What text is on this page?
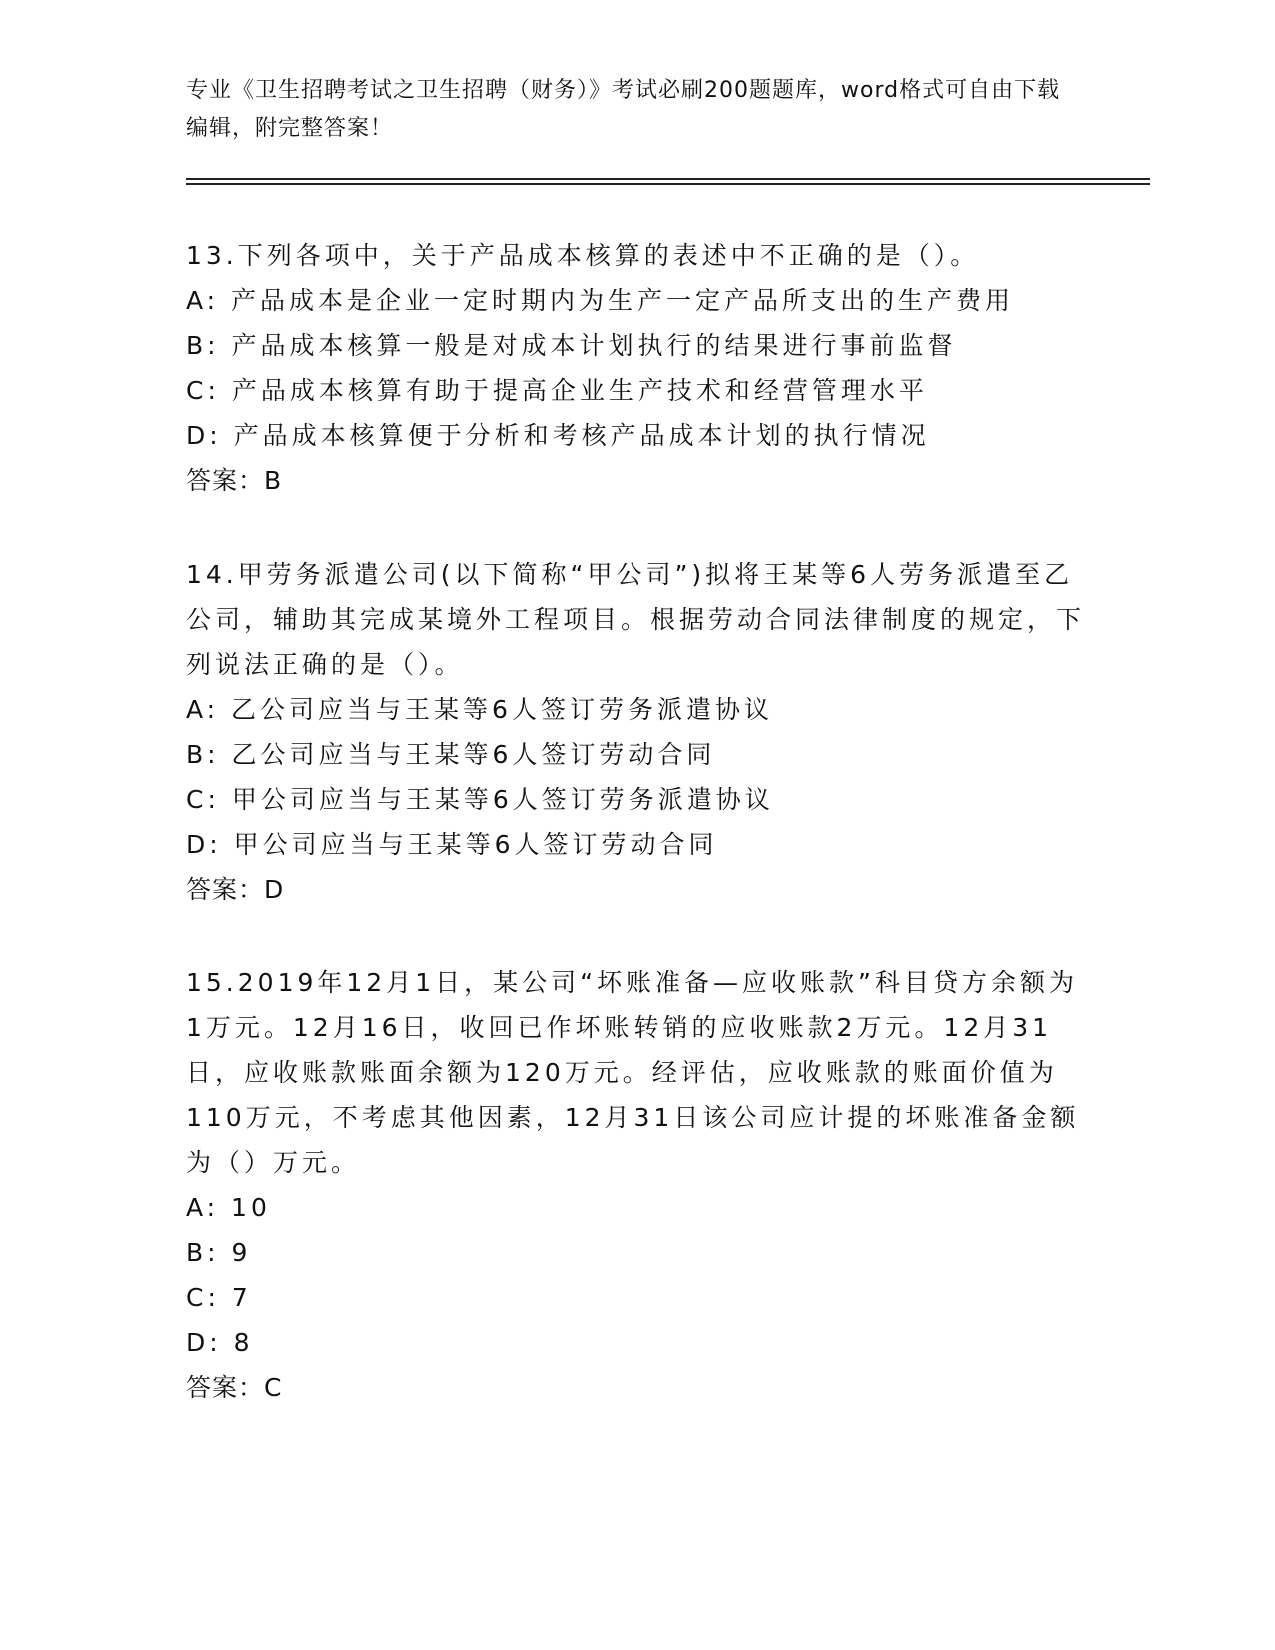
专业《卫生招聘考试之卫生招聘（财务）》考试必刷200题题库，word格式可自由下载编辑，附完整答案！
13.下列各项中，关于产品成本核算的表述中不正确的是（）。
A: 产品成本是企业一定时期内为生产一定产品所支出的生产费用
B: 产品成本核算一般是对成本计划执行的结果进行事前监督
C: 产品成本核算有助于提高企业生产技术和经营管理水平
D: 产品成本核算便于分析和考核产品成本计划的执行情况
答案：B
14.甲劳务派遣公司(以下简称“甲公司”)拟将王某等6人劳务派遣至乙公司，辅助其完成某境外工程项目。根据劳动合同法律制度的规定，下列说法正确的是（）。
A: 乙公司应当与王某等6人签订劳务派遣协议
B: 乙公司应当与王某等6人签订劳动合同
C: 甲公司应当与王某等6人签订劳务派遣协议
D: 甲公司应当与王某等6人签订劳动合同
答案：D
15.2019年12月1日，某公司“坏账准备—应收账款”科目贷方余额为1万元。12月16日，收回已作坏账转销的应收账款2万元。12月31日，应收账款账面余额为120万元。经评估，应收账款的账面价值为110万元，不考虑其他因素，12月31日该公司应计提的坏账准备金额为（）万元。
A: 10
B: 9
C: 7
D: 8
答案：C
